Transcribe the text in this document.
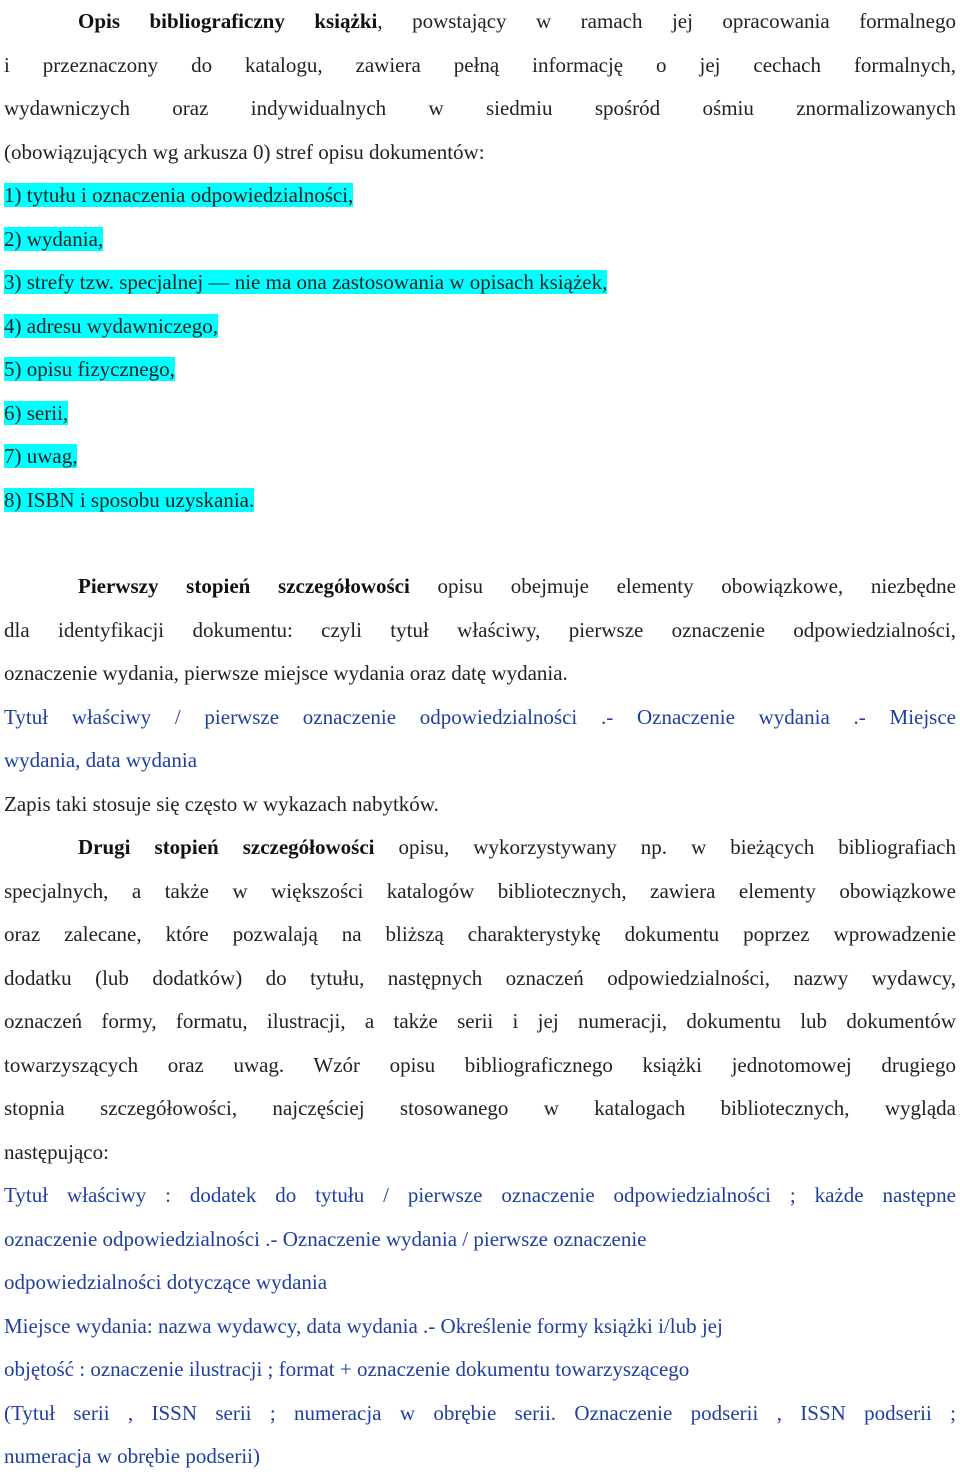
Opis bibliograficzny książki, powstający w ramach jej opracowania formalnego
i przeznaczony do katalogu, zawiera pełną informację o jej cechach formalnych,
wydawniczych oraz indywidualnych w siedmiu spośród ośmiu znormalizowanych
(obowiązujących wg arkusza 0) stref opisu dokumentów:
1) tytułu i oznaczenia odpowiedzialności,
2) wydania,
3) strefy tzw. specjalnej — nie ma ona zastosowania w opisach książek,
4) adresu wydawniczego,
5) opisu fizycznego,
6) serii,
7) uwag,
8) ISBN i sposobu uzyskania.
Pierwszy stopień szczegółowości opisu obejmuje elementy obowiązkowe, niezbędne
dla identyfikacji dokumentu: czyli tytuł właściwy, pierwsze oznaczenie odpowiedzialności,
oznaczenie wydania, pierwsze miejsce wydania oraz datę wydania.
Tytuł właściwy / pierwsze oznaczenie odpowiedzialności .- Oznaczenie wydania .- Miejsce
wydania, data wydania
Zapis taki stosuje się często w wykazach nabytków.
Drugi stopień szczegółowości opisu, wykorzystywany np. w bieżących bibliografiach
specjalnych, a także w większości katalogów bibliotecznych, zawiera elementy obowiązkowe
oraz zalecane, które pozwalają na bliższą charakterystykę dokumentu poprzez wprowadzenie
dodatku (lub dodatków) do tytułu, następnych oznaczeń odpowiedzialności, nazwy wydawcy,
oznaczeń formy, formatu, ilustracji, a także serii i jej numeracji, dokumentu lub dokumentów
towarzyszących oraz uwag. Wzór opisu bibliograficznego książki jednotomowej drugiego
stopnia szczegółowości, najczęściej stosowanego w katalogach bibliotecznych, wygląda
następująco:
Tytuł właściwy : dodatek do tytułu / pierwsze oznaczenie odpowiedzialności ; każde następne
oznaczenie odpowiedzialności .- Oznaczenie wydania / pierwsze oznaczenie
odpowiedzialności dotyczące wydania
Miejsce wydania: nazwa wydawcy, data wydania .- Określenie formy książki i/lub jej
objętość : oznaczenie ilustracji ; format + oznaczenie dokumentu towarzyszącego
(Tytuł serii , ISSN serii ; numeracja w obrębie serii. Oznaczenie podserii , ISSN podserii ;
numeracja w obrębie podserii)
